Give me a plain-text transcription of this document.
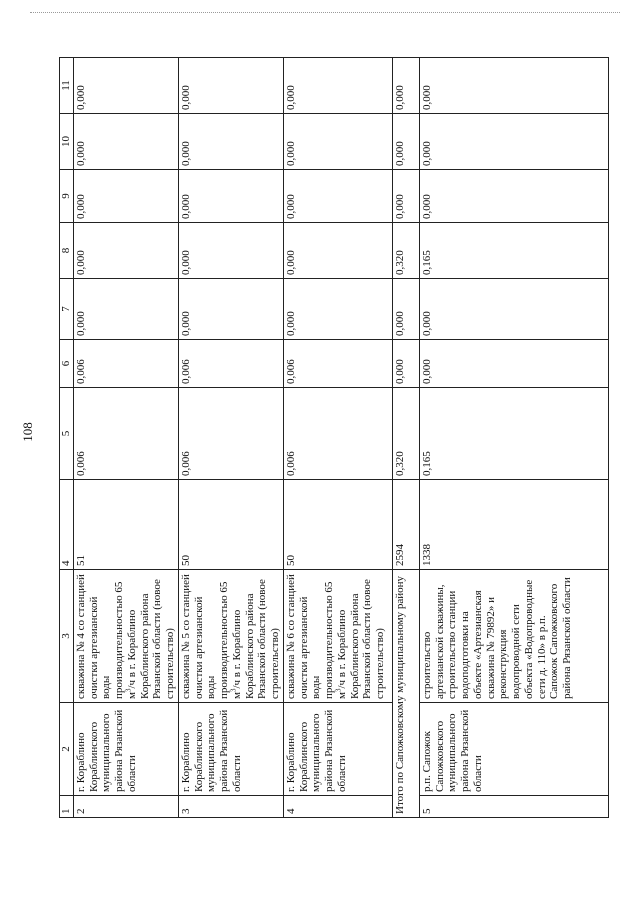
108
1	2	3	4	5	6	7	8	9	10	11
2	г. Кораблино Кораблинского муниципального района Рязанской области	скважина № 4 со станцией очистки артезианской воды производительностью 65 $м^3/ч$ в г. Кораблино Кораблинского района Рязанской области (новое строительство)	51	0,006	0,006	0,000	0,000	0,000	0,000	0,000
3	г. Кораблино Кораблинского муниципального района Рязанской области	скважина № 5 со станцией очистки артезианской воды производительностью 65 $м^3/ч$ в г. Кораблино Кораблинского района Рязанской области (новое строительство)	50	0,006	0,006	0,000	0,000	0,000	0,000	0,000
4	г. Кораблино Кораблинского муниципального района Рязанской области	скважина № 6 со станцией очистки артезианской воды производительностью 65 $м^3/ч$ в г. Кораблино Кораблинского района Рязанской области (новое строительство)	50	0,006	0,006	0,000	0,000	0,000	0,000	0,000
Итого по Сапожковскому муниципальному району			2594	0,320	0,000	0,000	0,320	0,000	0,000	0,000
5	р.п. Сапожок Сапожковского муниципального района Рязанской области	строительство артезианской скважины, строительство станции водоподготовки на объекте «Артезианская скважина № 79892» и реконструкция водопроводной сети объекта «Водопроводные сети д. 110» в р.п. Сапожок Сапожковского района Рязанской области	1338	0,165	0,000	0,000	0,165	0,000	0,000	0,000
